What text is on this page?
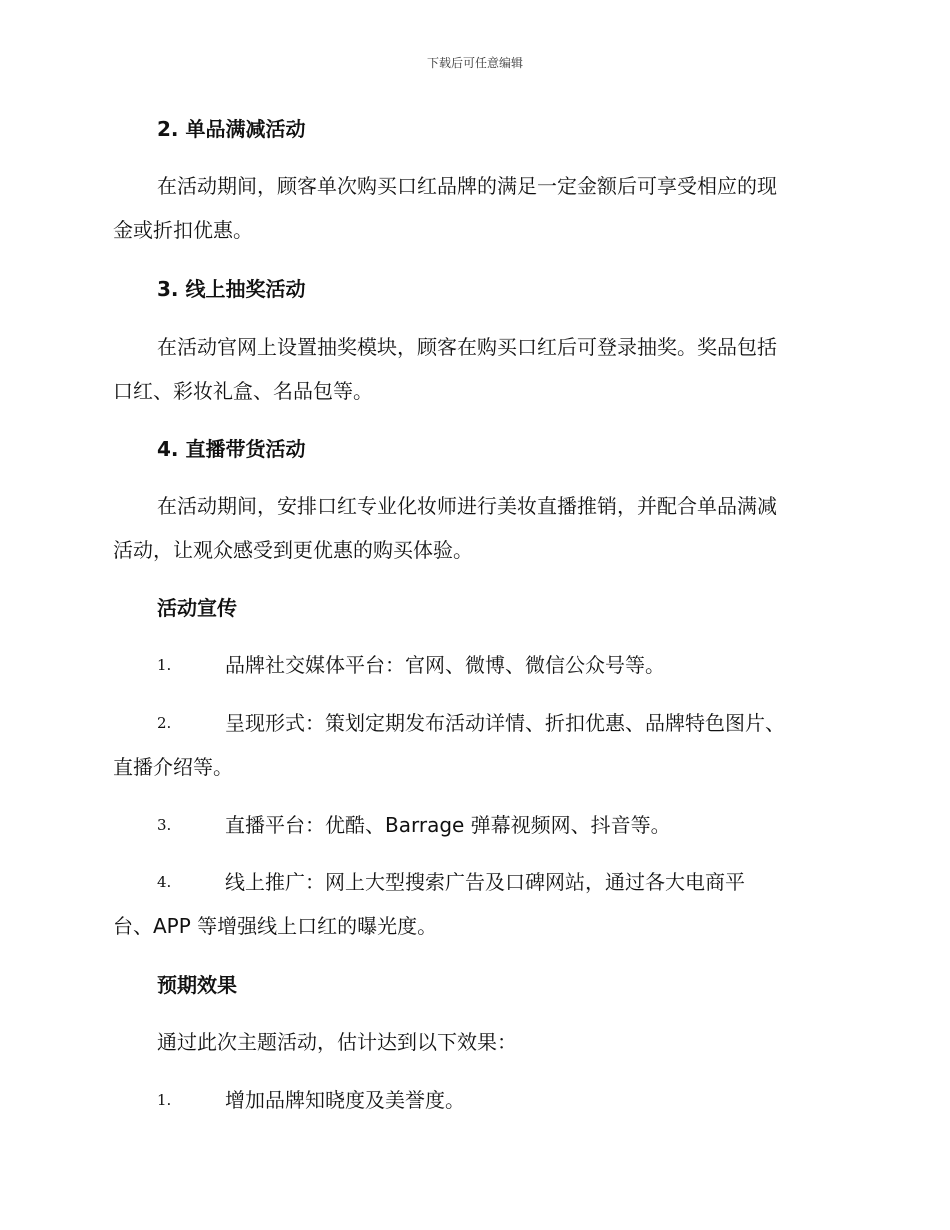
下载后可任意编辑
2. 单品满减活动

在活动期间，顾客单次购买口红品牌的满足一定金额后可享受相应的现
金或折扣优惠。

3. 线上抽奖活动

在活动官网上设置抽奖模块，顾客在购买口红后可登录抽奖。奖品包括
口红、彩妆礼盒、名品包等。

4. 直播带货活动

在活动期间，安排口红专业化妆师进行美妆直播推销，并配合单品满减
活动，让观众感受到更优惠的购买体验。

活动宣传
1.	品牌社交媒体平台：官网、微博、微信公众号等。
2.	呈现形式：策划定期发布活动详情、折扣优惠、品牌特色图片、
直播介绍等。
3.	直播平台：优酷、Barrage 弹幕视频网、抖音等。
4.	线上推广：网上大型搜索广告及口碑网站，通过各大电商平
台、APP 等增强线上口红的曝光度。
预期效果

通过此次主题活动，估计达到以下效果：

1.	增加品牌知晓度及美誉度。
